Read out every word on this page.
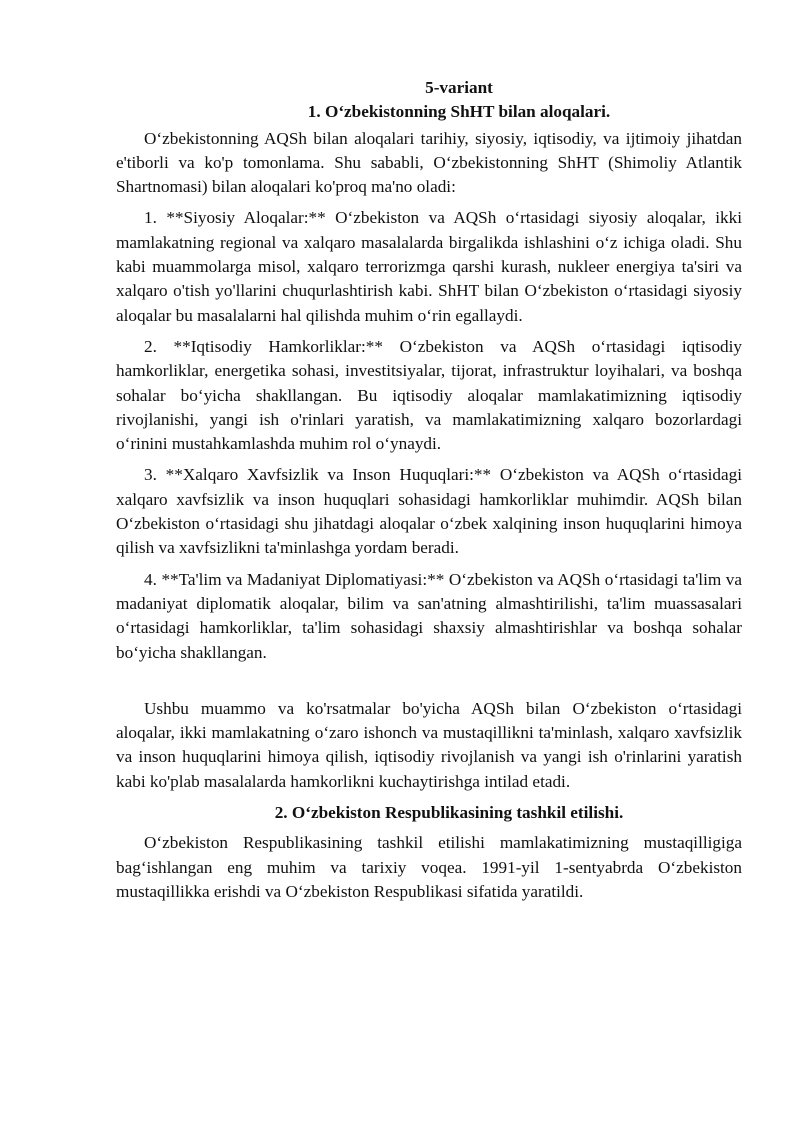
5-variant
1. O‘zbekistonning ShHT bilan aloqalari.

O‘zbekistonning AQSh bilan aloqalari tarihiy, siyosiy, iqtisodiy, va ijtimoiy jihatdan e'tiborli va ko'p tomonlama. Shu sababli, O‘zbekistonning ShHT (Shimoliy Atlantik Shartnomasi) bilan aloqalari ko'proq ma'no oladi:

1. **Siyosiy Aloqalar:** O‘zbekiston va AQSh o‘rtasidagi siyosiy aloqalar, ikki mamlakatning regional va xalqaro masalalarda birgalikda ishlashini o‘z ichiga oladi. Shu kabi muammolarga misol, xalqaro terrorizmga qarshi kurash, nukleer energiya ta'siri va xalqaro o'tish yo'llarini chuqurlashtirish kabi. ShHT bilan O‘zbekiston o‘rtasidagi siyosiy aloqalar bu masalalarni hal qilishda muhim o‘rin egallaydi.

2. **Iqtisodiy Hamkorliklar:** O‘zbekiston va AQSh o‘rtasidagi iqtisodiy hamkorliklar, energetika sohasi, investitsiyalar, tijorat, infrastruktur loyihalari, va boshqa sohalar bo‘yicha shakllangan. Bu iqtisodiy aloqalar mamlakatimizning iqtisodiy rivojlanishi, yangi ish o'rinlari yaratish, va mamlakatimizning xalqaro bozorlardagi o‘rinini mustahkamlashda muhim rol o‘ynaydi.

3. **Xalqaro Xavfsizlik va Inson Huquqlari:** O‘zbekiston va AQSh o‘rtasidagi xalqaro xavfsizlik va inson huquqlari sohasidagi hamkorliklar muhimdir. AQSh bilan O‘zbekiston o‘rtasidagi shu jihatdagi aloqalar o‘zbek xalqining inson huquqlarini himoya qilish va xavfsizlikni ta'minlashga yordam beradi.

4. **Ta'lim va Madaniyat Diplomatiyasi:** O‘zbekiston va AQSh o‘rtasidagi ta'lim va madaniyat diplomatik aloqalar, bilim va san'atning almashtirilishi, ta'lim muassasalari o‘rtasidagi hamkorliklar, ta'lim sohasidagi shaxsiy almashtirishlar va boshqa sohalar bo‘yicha shakllangan.

Ushbu muammo va ko'rsatmalar bo'yicha AQSh bilan O‘zbekiston o‘rtasidagi aloqalar, ikki mamlakatning o‘zaro ishonch va mustaqillikni ta'minlash, xalqaro xavfsizlik va inson huquqlarini himoya qilish, iqtisodiy rivojlanish va yangi ish o'rinlarini yaratish kabi ko'plab masalalarda hamkorlikni kuchaytirishga intilad etadi.

2. O‘zbekiston Respublikasining tashkil etilishi.

O‘zbekiston Respublikasining tashkil etilishi mamlakatimizning mustaqilligiga bag‘ishlangan eng muhim va tarixiy voqea. 1991-yil 1-sentyabrda O‘zbekiston mustaqillikka erishdi va O‘zbekiston Respublikasi sifatida yaratildi.
